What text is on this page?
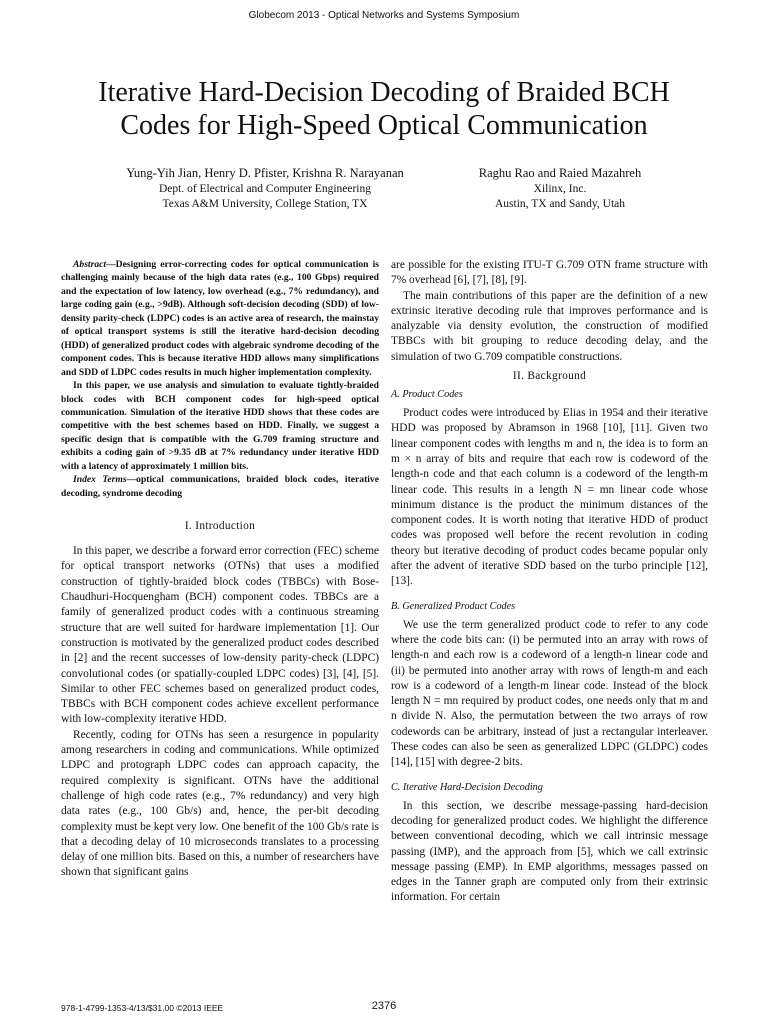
Globecom 2013 - Optical Networks and Systems Symposium
Iterative Hard-Decision Decoding of Braided BCH
Codes for High-Speed Optical Communication
Yung-Yih Jian, Henry D. Pfister, Krishna R. Narayanan
Dept. of Electrical and Computer Engineering
Texas A&M University, College Station, TX
Raghu Rao and Raied Mazahreh
Xilinx, Inc.
Austin, TX and Sandy, Utah

Abstract—Designing error-correcting codes for optical communication is challenging mainly because of the high data rates (e.g., 100 Gbps) required and the expectation of low latency, low overhead (e.g., 7% redundancy), and large coding gain (e.g., >9dB). Although soft-decision decoding (SDD) of low-density parity-check (LDPC) codes is an active area of research, the mainstay of optical transport systems is still the iterative hard-decision decoding (HDD) of generalized product codes with algebraic syndrome decoding of the component codes. This is because iterative HDD allows many simplifications and SDD of LDPC codes results in much higher implementation complexity.

In this paper, we use analysis and simulation to evaluate tightly-braided block codes with BCH component codes for high-speed optical communication. Simulation of the iterative HDD shows that these codes are competitive with the best schemes based on HDD. Finally, we suggest a specific design that is compatible with the G.709 framing structure and exhibits a coding gain of >9.35 dB at 7% redundancy under iterative HDD with a latency of approximately 1 million bits.

Index Terms—optical communications, braided block codes, iterative decoding, syndrome decoding

I. Introduction

In this paper, we describe a forward error correction (FEC) scheme for optical transport networks (OTNs) that uses a modified construction of tightly-braided block codes (TBBCs) with Bose-Chaudhuri-Hocquengham (BCH) component codes. TBBCs are a family of generalized product codes with a continuous streaming structure that are well suited for hardware implementation [1]. Our construction is motivated by the generalized product codes described in [2] and the recent successes of low-density parity-check (LDPC) convolutional codes (or spatially-coupled LDPC codes) [3], [4], [5]. Similar to other FEC schemes based on generalized product codes, TBBCs with BCH component codes achieve excellent performance with low-complexity iterative HDD.

Recently, coding for OTNs has seen a resurgence in popularity among researchers in coding and communications. While optimized LDPC and protograph LDPC codes can approach capacity, the required complexity is significant. OTNs have the additional challenge of high code rates (e.g., 7% redundancy) and very high data rates (e.g., 100 Gb/s) and, hence, the per-bit decoding complexity must be kept very low. One benefit of the 100 Gb/s rate is that a decoding delay of 10 microseconds translates to a processing delay of one million bits. Based on this, a number of researchers have shown that significant gains

are possible for the existing ITU-T G.709 OTN frame structure with 7% overhead [6], [7], [8], [9].

The main contributions of this paper are the definition of a new extrinsic iterative decoding rule that improves performance and is analyzable via density evolution, the construction of modified TBBCs with bit grouping to reduce decoding delay, and the simulation of two G.709 compatible constructions.

II. Background
A. Product Codes

Product codes were introduced by Elias in 1954 and their iterative HDD was proposed by Abramson in 1968 [10], [11]. Given two linear component codes with lengths m and n, the idea is to form an m × n array of bits and require that each row is codeword of the length-n code and that each column is a codeword of the length-m linear code. This results in a length N = mn linear code whose minimum distance is the product the minimum distances of the component codes. It is worth noting that iterative HDD of product codes was proposed well before the recent revolution in coding theory but iterative decoding of product codes became popular only after the advent of iterative SDD based on the turbo principle [12], [13].

B. Generalized Product Codes

We use the term generalized product code to refer to any code where the code bits can: (i) be permuted into an array with rows of length-n and each row is a codeword of a length-n linear code and (ii) be permuted into another array with rows of length-m and each row is a codeword of a length-m linear code. Instead of the block length N = mn required by product codes, one needs only that m and n divide N. Also, the permutation between the two arrays of row codewords can be arbitrary, instead of just a rectangular interleaver. These codes can also be seen as generalized LDPC (GLDPC) codes [14], [15] with degree-2 bits.

C. Iterative Hard-Decision Decoding

In this section, we describe message-passing hard-decision decoding for generalized product codes. We highlight the difference between conventional decoding, which we call intrinsic message passing (IMP), and the approach from [5], which we call extrinsic message passing (EMP). In EMP algorithms, messages passed on edges in the Tanner graph are computed only from their extrinsic information. For certain

978-1-4799-1353-4/13/$31.00 ©2013 IEEE	2376
